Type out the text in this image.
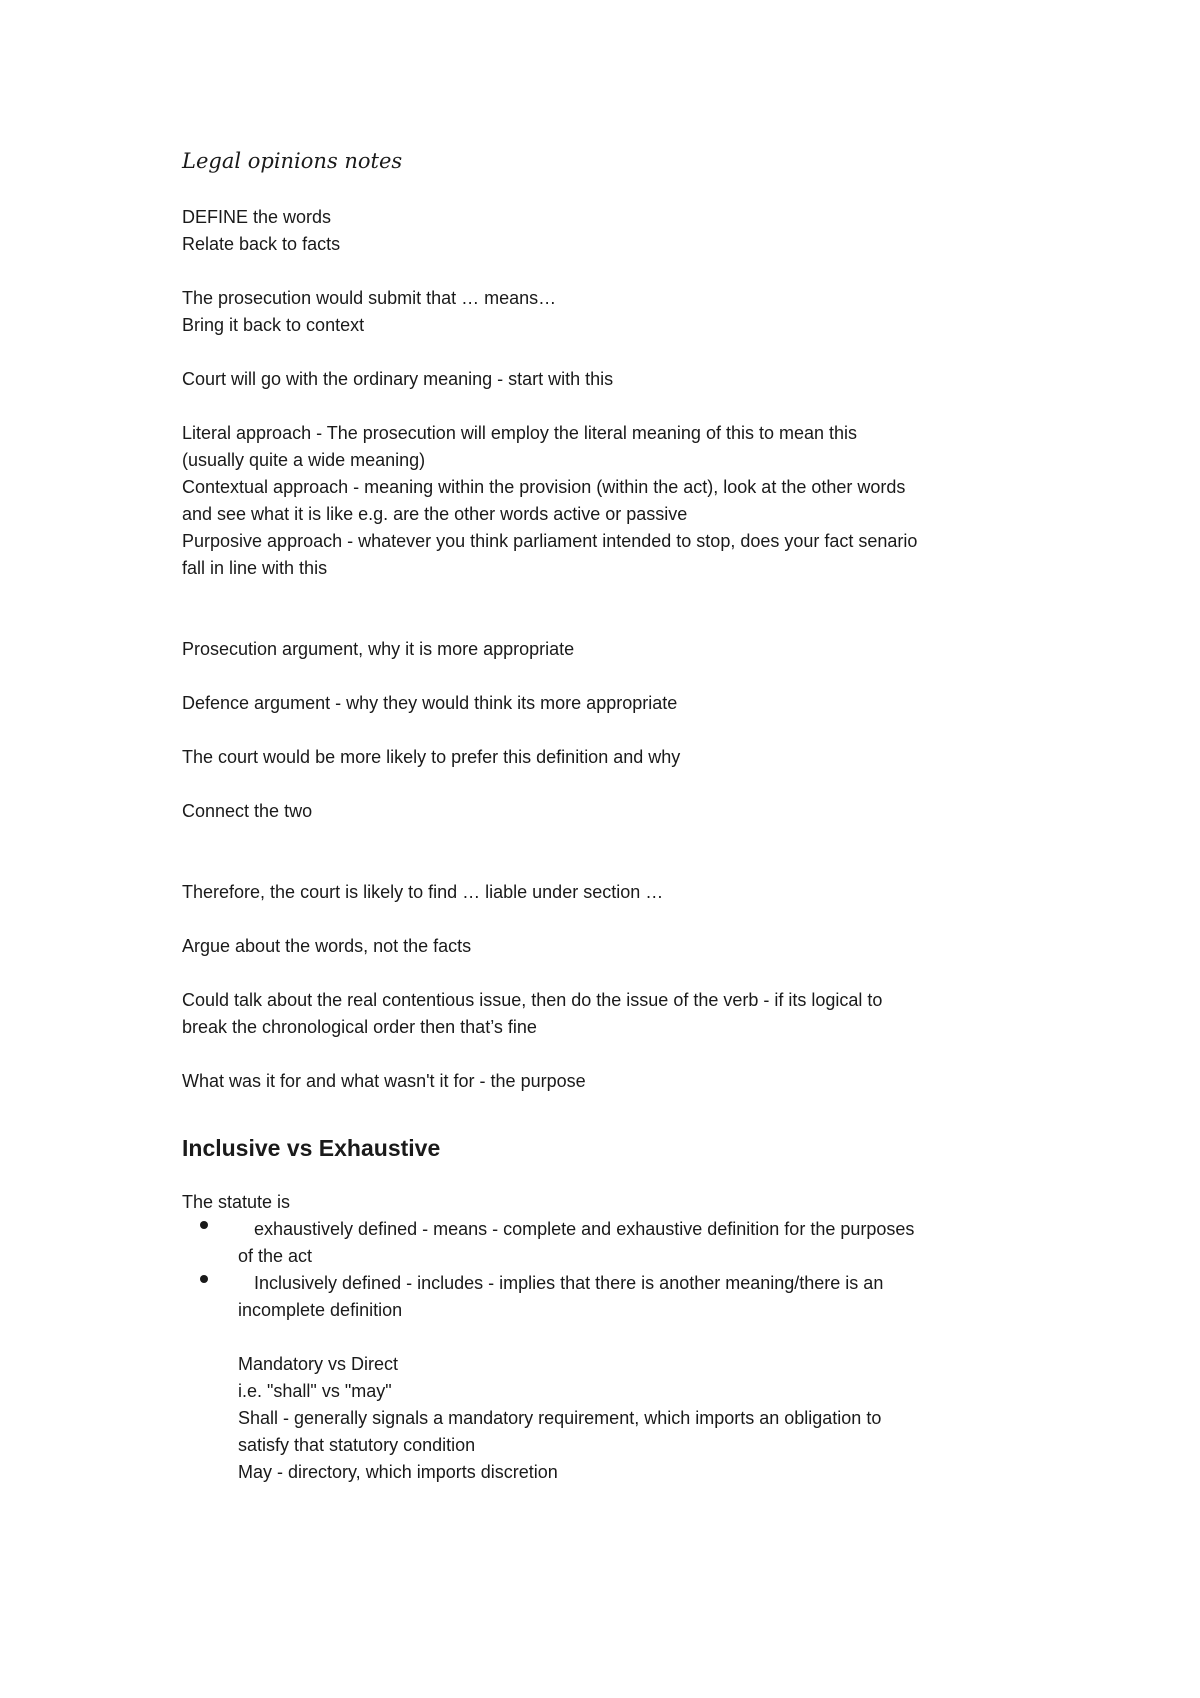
Legal opinions notes

DEFINE the words

Relate back to facts

The prosecution would submit that … means…

Bring it back to context

Court will go with the ordinary meaning - start with this

Literal approach - The prosecution will employ the literal meaning of this to mean this

(usually quite a wide meaning)

Contextual approach - meaning within the provision (within the act), look at the other words

and see what it is like e.g. are the other words active or passive

Purposive approach - whatever you think parliament intended to stop, does your fact senario

fall in line with this

Prosecution argument, why it is more appropriate

Defence argument - why they would think its more appropriate

The court would be more likely to prefer this definition and why

Connect the two

Therefore, the court is likely to find … liable under section …

Argue about the words, not the facts

Could talk about the real contentious issue, then do the issue of the verb - if its logical to

break the chronological order then that’s fine

What was it for and what wasn't it for - the purpose

Inclusive vs Exhaustive

The statute is

exhaustively defined - means - complete and exhaustive definition for the purposes

of the act

Inclusively defined - includes - implies that there is another meaning/there is an

incomplete definition

Mandatory vs Direct

i.e. "shall" vs "may"

Shall - generally signals a mandatory requirement, which imports an obligation to

satisfy that statutory condition

May - directory, which imports discretion
